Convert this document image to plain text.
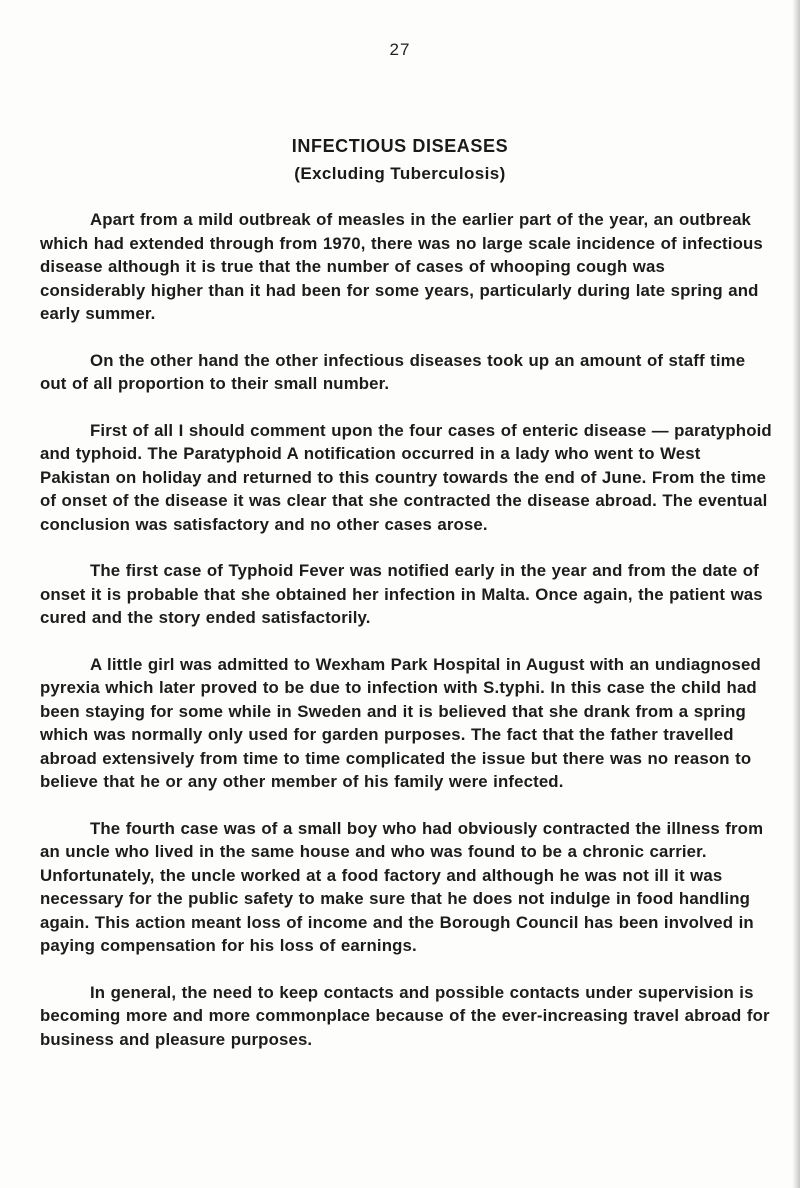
27
INFECTIOUS DISEASES
(Excluding Tuberculosis)

Apart from a mild outbreak of measles in the earlier part of the year, an outbreak which had extended through from 1970, there was no large scale incidence of infectious disease although it is true that the number of cases of whooping cough was considerably higher than it had been for some years, particularly during late spring and early summer.

On the other hand the other infectious diseases took up an amount of staff time out of all proportion to their small number.

First of all I should comment upon the four cases of enteric disease — paratyphoid and typhoid. The Paratyphoid A notification occurred in a lady who went to West Pakistan on holiday and returned to this country towards the end of June. From the time of onset of the disease it was clear that she contracted the disease abroad. The eventual conclusion was satisfactory and no other cases arose.

The first case of Typhoid Fever was notified early in the year and from the date of onset it is probable that she obtained her infection in Malta. Once again, the patient was cured and the story ended satisfactorily.

A little girl was admitted to Wexham Park Hospital in August with an undiagnosed pyrexia which later proved to be due to infection with S.typhi. In this case the child had been staying for some while in Sweden and it is believed that she drank from a spring which was normally only used for garden purposes. The fact that the father travelled abroad extensively from time to time complicated the issue but there was no reason to believe that he or any other member of his family were infected.

The fourth case was of a small boy who had obviously contracted the illness from an uncle who lived in the same house and who was found to be a chronic carrier. Unfortunately, the uncle worked at a food factory and although he was not ill it was necessary for the public safety to make sure that he does not indulge in food handling again. This action meant loss of income and the Borough Council has been involved in paying compensation for his loss of earnings.

In general, the need to keep contacts and possible contacts under supervision is becoming more and more commonplace because of the ever-increasing travel abroad for business and pleasure purposes.
